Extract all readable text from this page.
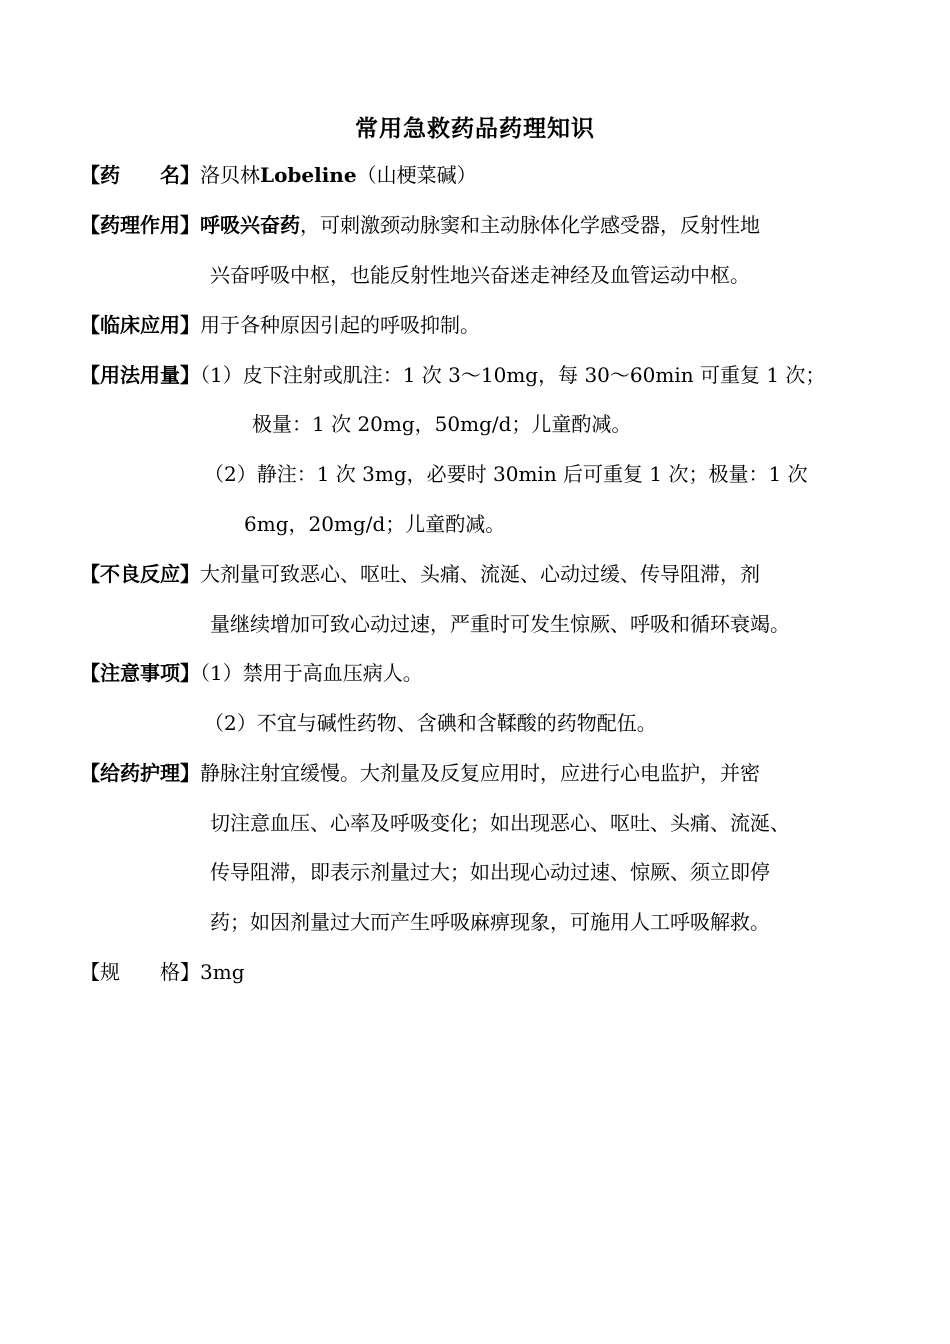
常用急救药品药理知识
【药　　名】洛贝林Lobeline（山梗菜碱）
【药理作用】呼吸兴奋药，可刺激颈动脉窦和主动脉体化学感受器，反射性地
兴奋呼吸中枢，也能反射性地兴奋迷走神经及血管运动中枢。
【临床应用】用于各种原因引起的呼吸抑制。
【用法用量】（1）皮下注射或肌注：1 次 3～10mg，每 30～60min 可重复 1 次；
极量：1 次 20mg，50mg/d；儿童酌减。
（2）静注：1 次 3mg，必要时 30min 后可重复 1 次；极量：1 次
6mg，20mg/d；儿童酌减。
【不良反应】大剂量可致恶心、呕吐、头痛、流涎、心动过缓、传导阻滞，剂
量继续增加可致心动过速，严重时可发生惊厥、呼吸和循环衰竭。
【注意事项】（1）禁用于高血压病人。
（2）不宜与碱性药物、含碘和含鞣酸的药物配伍。
【给药护理】静脉注射宜缓慢。大剂量及反复应用时，应进行心电监护，并密
切注意血压、心率及呼吸变化；如出现恶心、呕吐、头痛、流涎、
传导阻滞，即表示剂量过大；如出现心动过速、惊厥、须立即停
药；如因剂量过大而产生呼吸麻痹现象，可施用人工呼吸解救。
【规　　格】3mg
